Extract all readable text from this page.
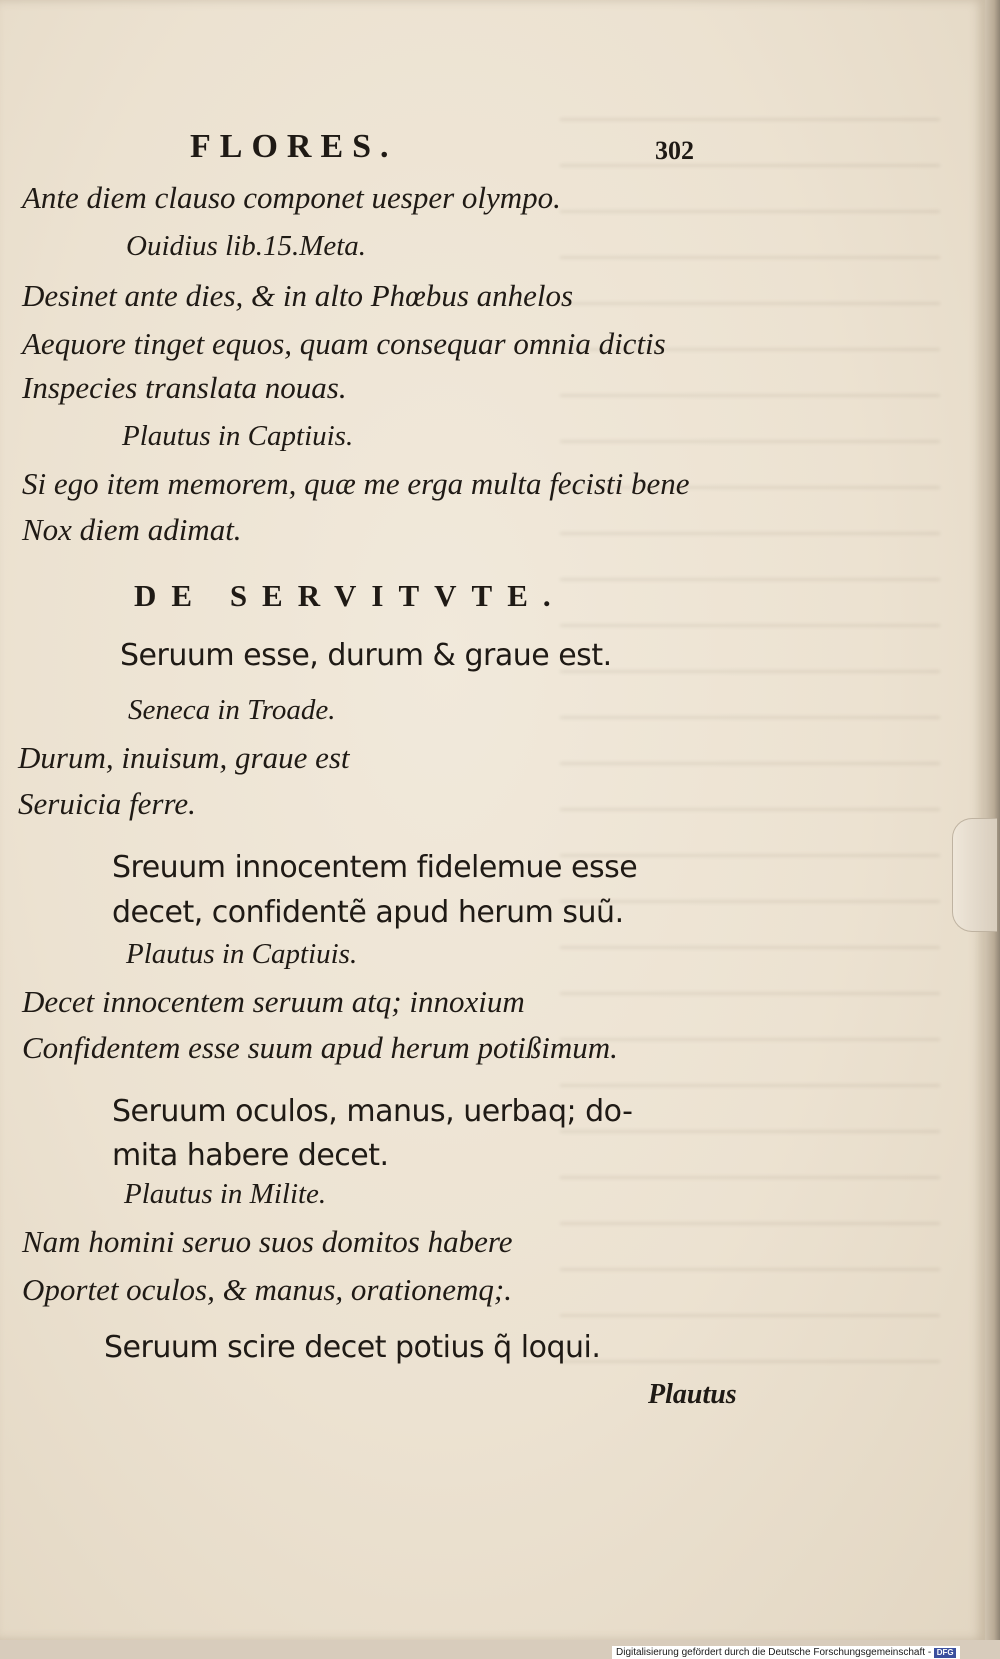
FLORES.	302
Ante diem clauso componet uesper olympo.
Ouidius lib.15.Meta.
Desinet ante dies, & in alto Phœbus anhelos
Aequore tinget equos, quam consequar omnia dictis
Inspecies translata nouas.
Plautus in Captiuis.
Si ego item memorem, quæ me erga multa fecisti bene
Nox diem adimat.
DE SERVITVTE.
Seruum esse, durum & graue est.
Seneca in Troade.
Durum, inuisum, graue est
Seruicia ferre.
Sreuum innocentem fidelemue esse
decet, confidentẽ apud herum suũ.
Plautus in Captiuis.
Decet innocentem seruum atq; innoxium
Confidentem esse suum apud herum potißimum.
Seruum oculos, manus, uerbaq; do-
mita habere decet.
Plautus in Milite.
Nam homini seruo suos domitos habere
Oportet oculos, & manus, orationemq;.
Seruum scire decet potius q̃ loqui.
Plautus
Digitalisierung gefördert durch die Deutsche Forschungsgemeinschaft - DFG
